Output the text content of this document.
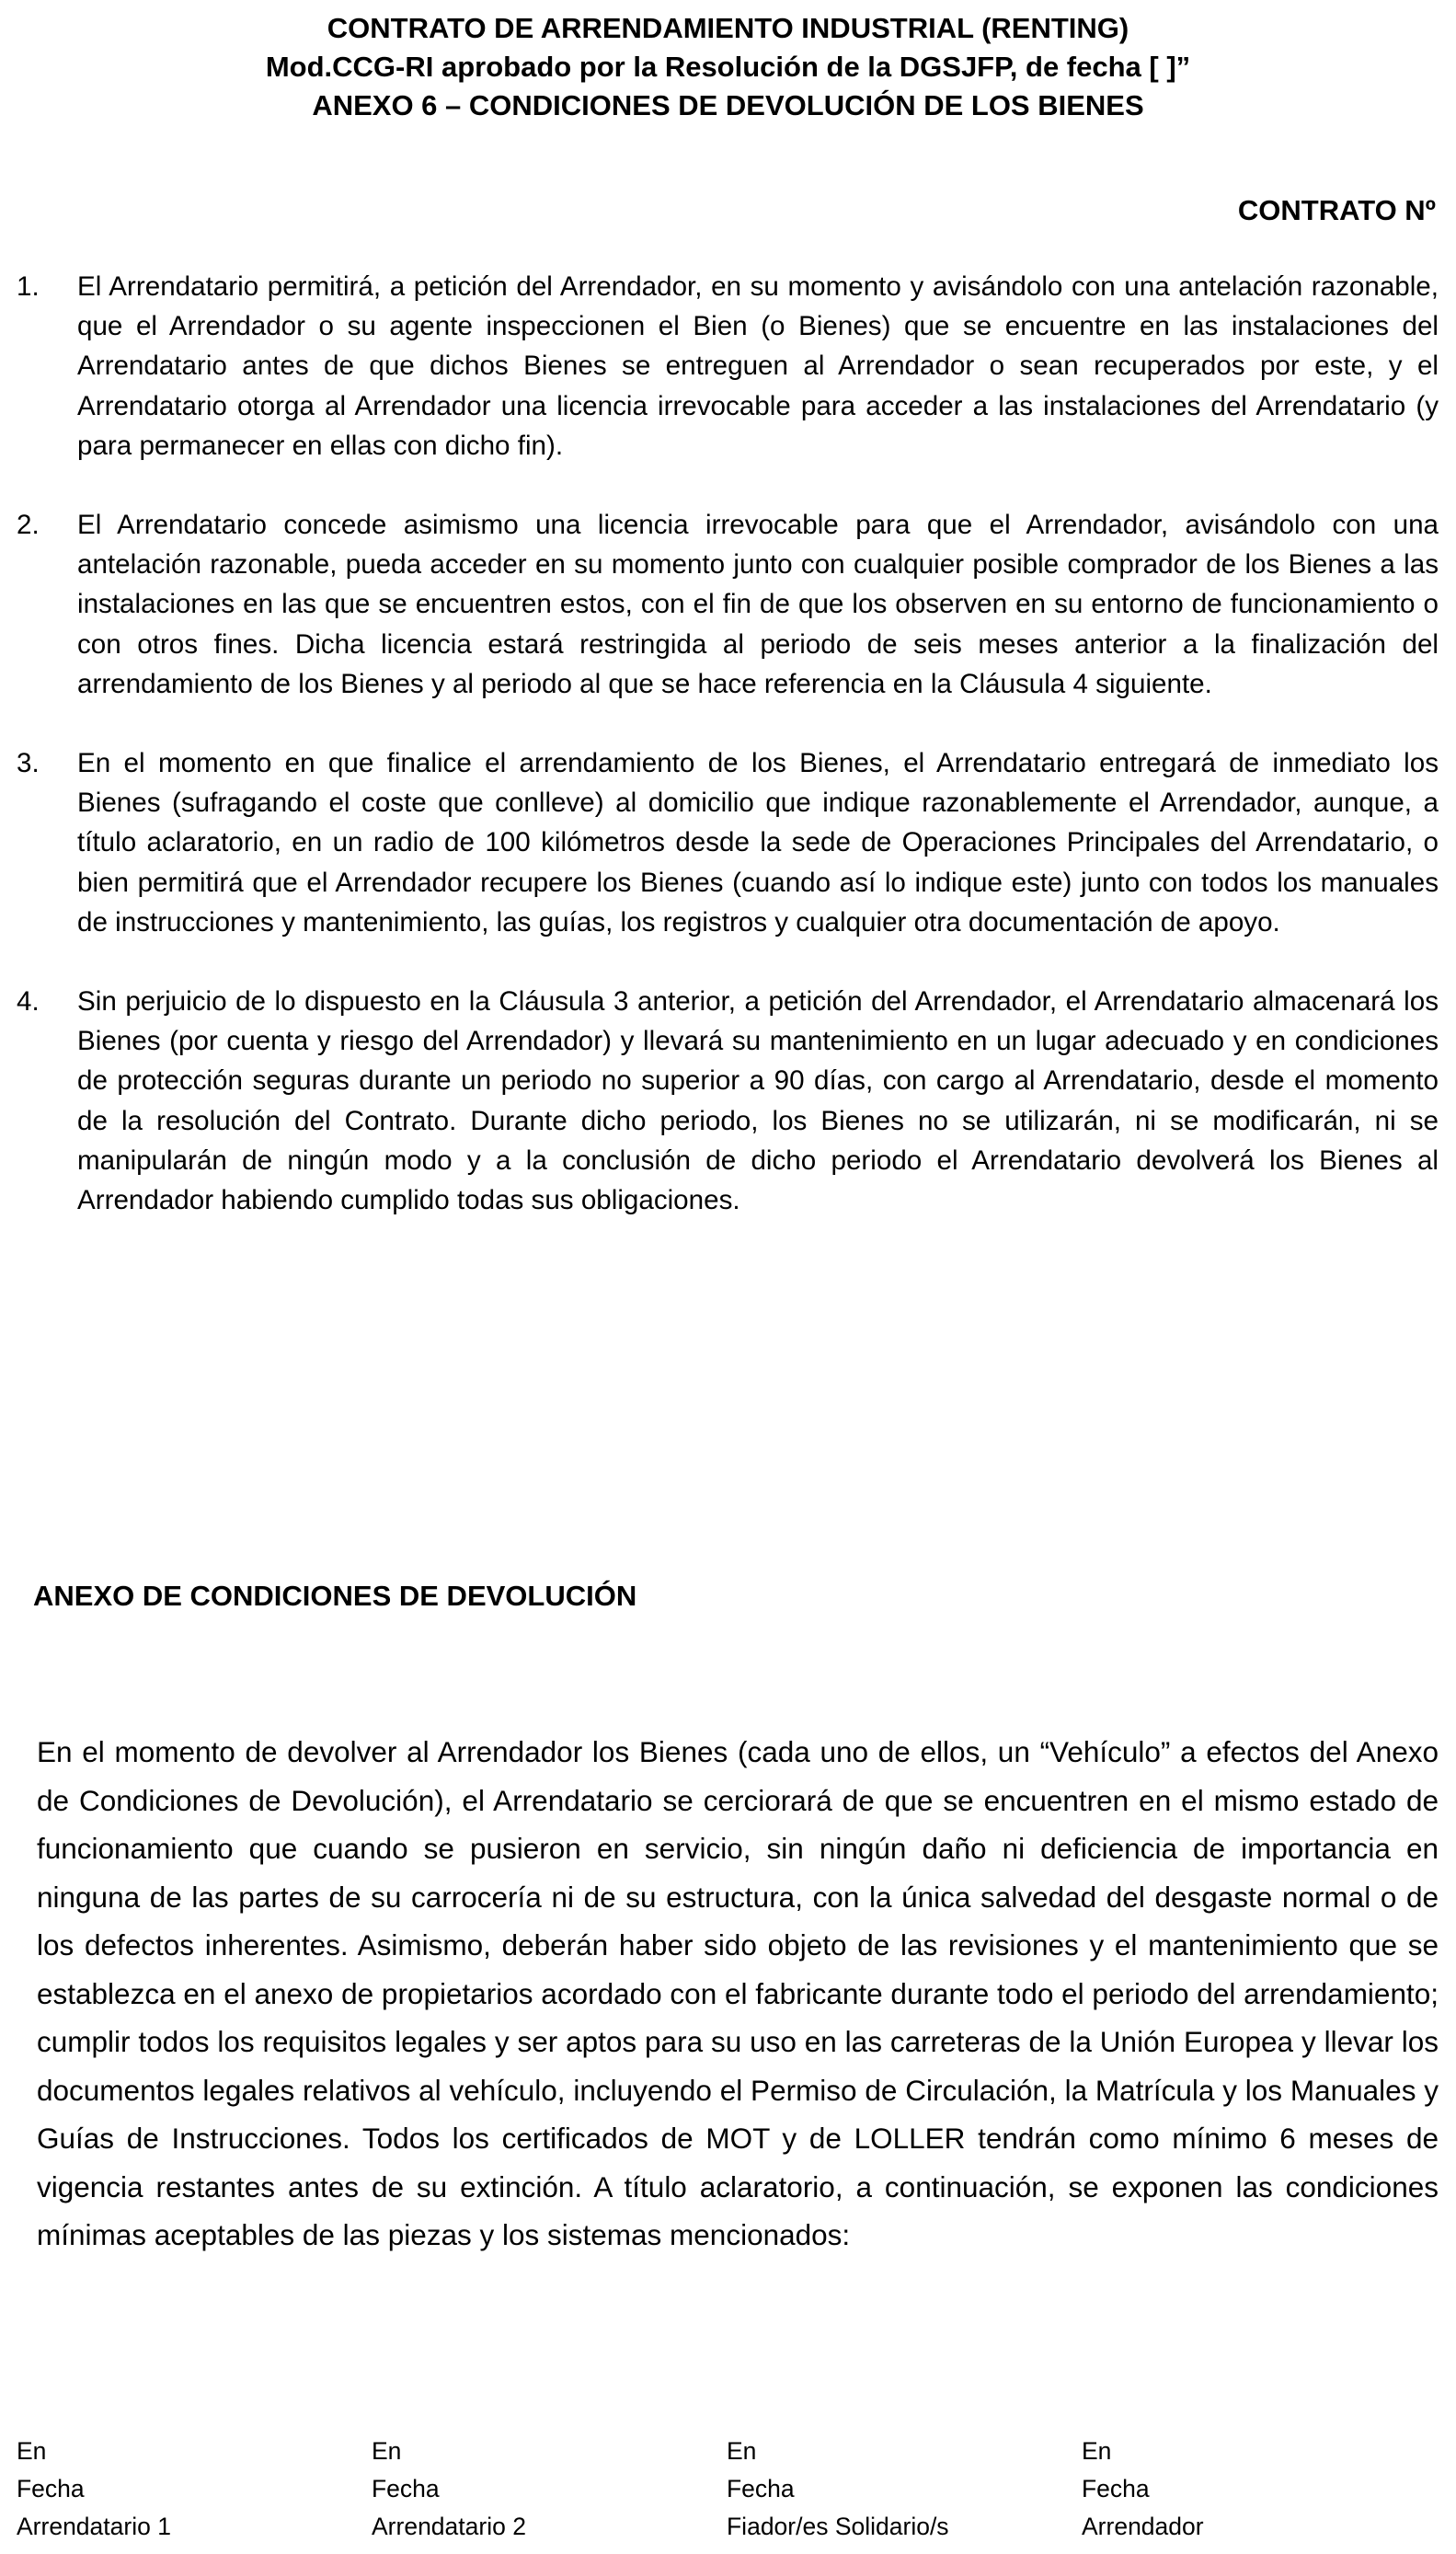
CONTRATO DE ARRENDAMIENTO INDUSTRIAL (RENTING)
Mod.CCG-RI aprobado por la Resolución de la DGSJFP, de fecha [ ]”
ANEXO 6 – CONDICIONES DE DEVOLUCIÓN DE LOS BIENES
CONTRATO Nº
1. El Arrendatario permitirá, a petición del Arrendador, en su momento y avisándolo con una antelación razonable, que el Arrendador o su agente inspeccionen el Bien (o Bienes) que se encuentre en las instalaciones del Arrendatario antes de que dichos Bienes se entreguen al Arrendador o sean recuperados por este, y el Arrendatario otorga al Arrendador una licencia irrevocable para acceder a las instalaciones del Arrendatario (y para permanecer en ellas con dicho fin).
2. El Arrendatario concede asimismo una licencia irrevocable para que el Arrendador, avisándolo con una antelación razonable, pueda acceder en su momento junto con cualquier posible comprador de los Bienes a las instalaciones en las que se encuentren estos, con el fin de que los observen en su entorno de funcionamiento o con otros fines. Dicha licencia estará restringida al periodo de seis meses anterior a la finalización del arrendamiento de los Bienes y al periodo al que se hace referencia en la Cláusula 4 siguiente.
3. En el momento en que finalice el arrendamiento de los Bienes, el Arrendatario entregará de inmediato los Bienes (sufragando el coste que conlleve) al domicilio que indique razonablemente el Arrendador, aunque, a título aclaratorio, en un radio de 100 kilómetros desde la sede de Operaciones Principales del Arrendatario, o bien permitirá que el Arrendador recupere los Bienes (cuando así lo indique este) junto con todos los manuales de instrucciones y mantenimiento, las guías, los registros y cualquier otra documentación de apoyo.
4. Sin perjuicio de lo dispuesto en la Cláusula 3 anterior, a petición del Arrendador, el Arrendatario almacenará los Bienes (por cuenta y riesgo del Arrendador) y llevará su mantenimiento en un lugar adecuado y en condiciones de protección seguras durante un periodo no superior a 90 días, con cargo al Arrendatario, desde el momento de la resolución del Contrato. Durante dicho periodo, los Bienes no se utilizarán, ni se modificarán, ni se manipularán de ningún modo y a la conclusión de dicho periodo el Arrendatario devolverá los Bienes al Arrendador habiendo cumplido todas sus obligaciones.
ANEXO DE CONDICIONES DE DEVOLUCIÓN

En el momento de devolver al Arrendador los Bienes (cada uno de ellos, un “Vehículo” a efectos del Anexo de Condiciones de Devolución), el Arrendatario se cerciorará de que se encuentren en el mismo estado de funcionamiento que cuando se pusieron en servicio, sin ningún daño ni deficiencia de importancia en ninguna de las partes de su carrocería ni de su estructura, con la única salvedad del desgaste normal o de los defectos inherentes. Asimismo, deberán haber sido objeto de las revisiones y el mantenimiento que se establezca en el anexo de propietarios acordado con el fabricante durante todo el periodo del arrendamiento; cumplir todos los requisitos legales y ser aptos para su uso en las carreteras de la Unión Europea y llevar los documentos legales relativos al vehículo, incluyendo el Permiso de Circulación, la Matrícula y los Manuales y Guías de Instrucciones. Todos los certificados de MOT y de LOLLER tendrán como mínimo 6 meses de vigencia restantes antes de su extinción. A título aclaratorio, a continuación, se exponen las condiciones mínimas aceptables de las piezas y los sistemas mencionados:

En
Fecha
Arrendatario 1
En
Fecha
Arrendatario 2
En
Fecha
Fiador/es Solidario/s
En
Fecha
Arrendador
